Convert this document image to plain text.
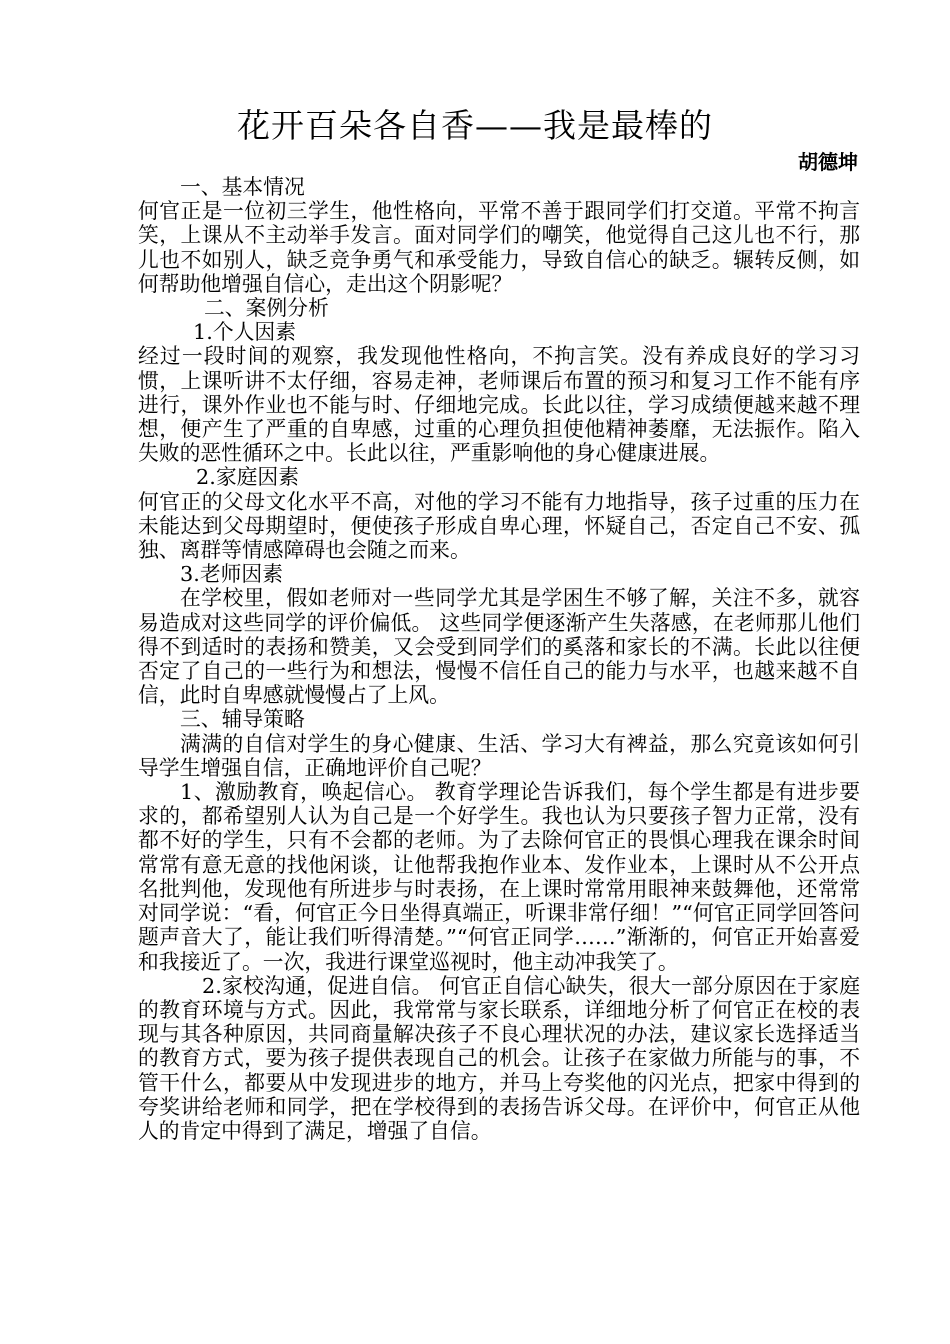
花开百朵各自香——我是最棒的
胡德坤

一、基本情况

何官正是一位初三学生，他性格向，平常不善于跟同学们打交道。平常不拘言笑，上课从不主动举手发言。面对同学们的嘲笑，他觉得自己这儿也不行，那儿也不如别人，缺乏竞争勇气和承受能力，导致自信心的缺乏。辗转反侧，如何帮助他增强自信心，走出这个阴影呢？

二、案例分析

1.个人因素

经过一段时间的观察，我发现他性格向，不拘言笑。没有养成良好的学习习惯，上课听讲不太仔细，容易走神，老师课后布置的预习和复习工作不能有序进行，课外作业也不能与时、仔细地完成。长此以往，学习成绩便越来越不理想，便产生了严重的自卑感，过重的心理负担使他精神萎靡，无法振作。陷入失败的恶性循环之中。长此以往，严重影响他的身心健康进展。

2.家庭因素

何官正的父母文化水平不高，对他的学习不能有力地指导，孩子过重的压力在未能达到父母期望时，便使孩子形成自卑心理，怀疑自己，否定自己不安、孤独、离群等情感障碍也会随之而来。

3.老师因素

在学校里，假如老师对一些同学尤其是学困生不够了解，关注不多，就容易造成对这些同学的评价偏低。 这些同学便逐渐产生失落感，在老师那儿他们得不到适时的表扬和赞美，又会受到同学们的奚落和家长的不满。长此以往便否定了自己的一些行为和想法，慢慢不信任自己的能力与水平，也越来越不自信，此时自卑感就慢慢占了上风。

三、辅导策略

满满的自信对学生的身心健康、生活、学习大有裨益，那么究竟该如何引导学生增强自信，正确地评价自己呢？

1、激励教育，唤起信心。 教育学理论告诉我们，每个学生都是有进步要求的，都希望别人认为自己是一个好学生。我也认为只要孩子智力正常，没有都不好的学生，只有不会都的老师。为了去除何官正的畏惧心理我在课余时间常常有意无意的找他闲谈，让他帮我抱作业本、发作业本，上课时从不公开点名批判他，发现他有所进步与时表扬，在上课时常常用眼神来鼓舞他，还常常对同学说：“看，何官正今日坐得真端正，听课非常仔细！”“何官正同学回答问题声音大了，能让我们听得清楚。”“何官正同学……”渐渐的，何官正开始喜爱和我接近了。一次，我进行课堂巡视时，他主动冲我笑了。

2.家校沟通，促进自信。 何官正自信心缺失，很大一部分原因在于家庭的教育环境与方式。因此，我常常与家长联系，详细地分析了何官正在校的表现与其各种原因，共同商量解决孩子不良心理状况的办法，建议家长选择适当的教育方式，要为孩子提供表现自己的机会。让孩子在家做力所能与的事，不管干什么，都要从中发现进步的地方，并马上夸奖他的闪光点，把家中得到的夸奖讲给老师和同学，把在学校得到的表扬告诉父母。在评价中，何官正从他人的肯定中得到了满足，增强了自信。
